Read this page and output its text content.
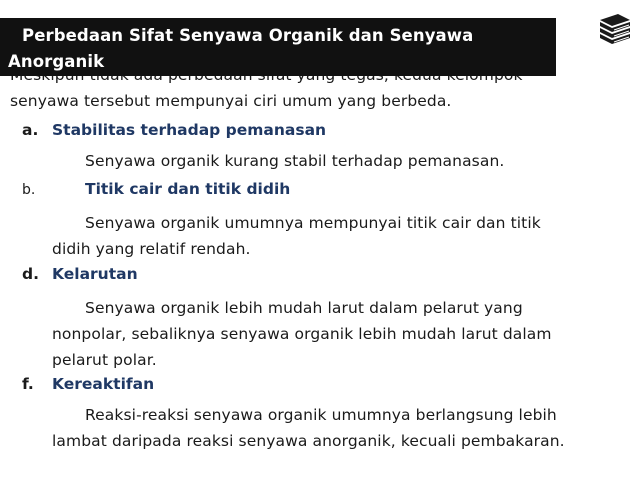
senyawa tersebut mempunyai ciri umum yang berbeda.

Perbedaan Sifat Senyawa Organik dan Senyawa
Anorganik
a. Stabilitas terhadap pemanasan

Senyawa organik kurang stabil terhadap pemanasan.

b.	Titik cair dan titik didih

Senyawa organik umumnya mempunyai titik cair dan titik didih yang relatif rendah.

d. Kelarutan

Senyawa organik lebih mudah larut dalam pelarut yang nonpolar, sebaliknya senyawa organik lebih mudah larut dalam pelarut polar.

f. Kereaktifan

Reaksi-reaksi senyawa organik umumnya berlangsung lebih lambat daripada reaksi senyawa anorganik, kecuali pembakaran.
